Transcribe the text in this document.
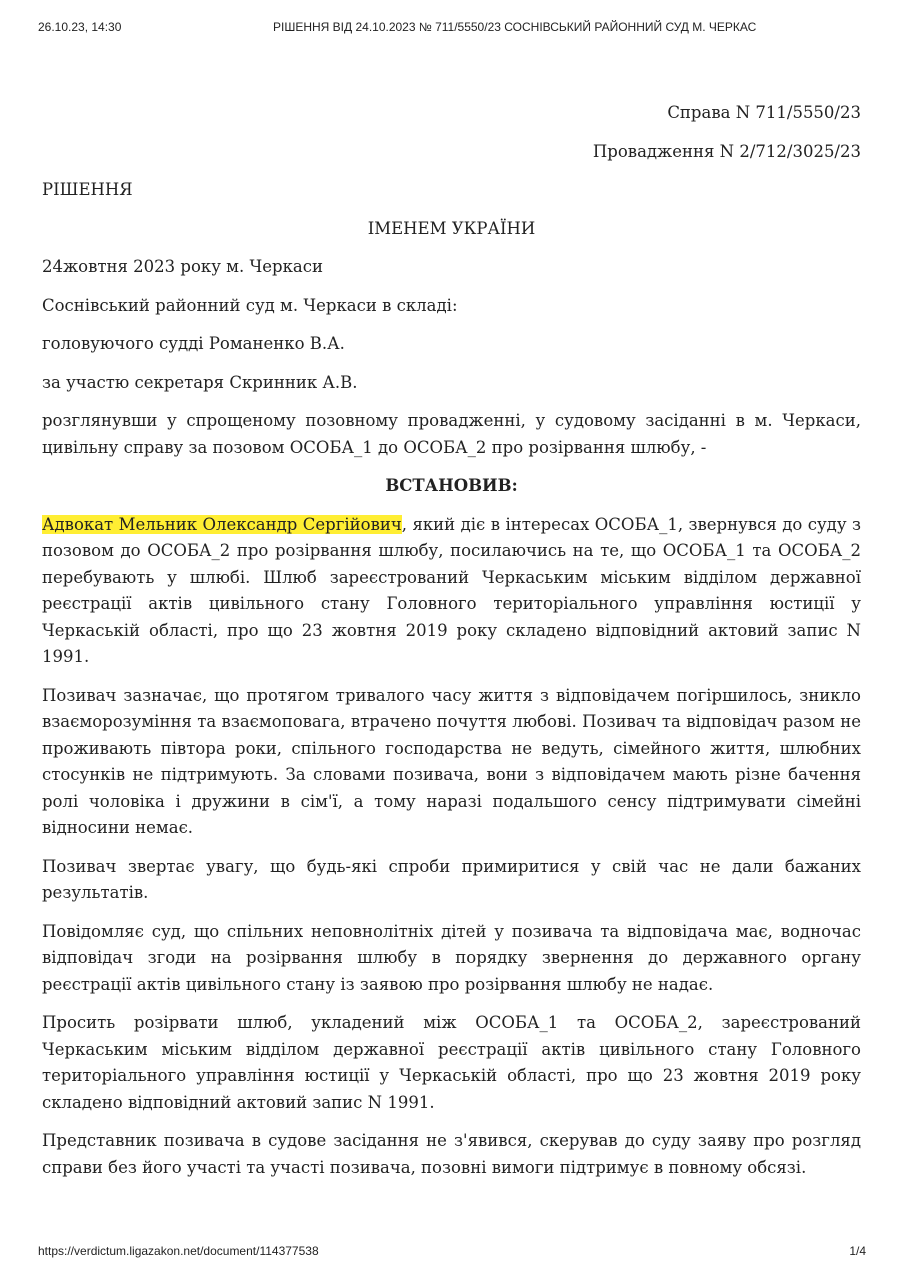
26.10.23, 14:30	РІШЕННЯ ВІД 24.10.2023 № 711/5550/23 СОСНІВСЬКИЙ РАЙОННИЙ СУД М. ЧЕРКАС

Справа N 711/5550/23

Провадження N 2/712/3025/23

РІШЕННЯ

ІМЕНЕМ УКРАЇНИ

24жовтня 2023 року м. Черкаси

Соснівський районний суд м. Черкаси в складі:

головуючого судді Романенко В.А.

за участю секретаря Скринник А.В.

розглянувши у спрощеному позовному провадженні, у судовому засіданні в м. Черкаси, цивільну справу за позовом ОСОБА_1 до ОСОБА_2 про розірвання шлюбу, -

ВСТАНОВИВ:

Адвокат Мельник Олександр Сергійович, який діє в інтересах ОСОБА_1, звернувся до суду з позовом до ОСОБА_2 про розірвання шлюбу, посилаючись на те, що ОСОБА_1 та ОСОБА_2 перебувають у шлюбі. Шлюб зареєстрований Черкаським міським відділом державної реєстрації актів цивільного стану Головного територіального управління юстиції у Черкаській області, про що 23 жовтня 2019 року складено відповідний актовий запис N 1991.

Позивач зазначає, що протягом тривалого часу життя з відповідачем погіршилось, зникло взаєморозуміння та взаємоповага, втрачено почуття любові. Позивач та відповідач разом не проживають півтора роки, спільного господарства не ведуть, сімейного життя, шлюбних стосунків не підтримують. За словами позивача, вони з відповідачем мають різне бачення ролі чоловіка і дружини в сім'ї, а тому наразі подальшого сенсу підтримувати сімейні відносини немає.

Позивач звертає увагу, що будь-які спроби примиритися у свій час не дали бажаних результатів.

Повідомляє суд, що спільних неповнолітніх дітей у позивача та відповідача має, водночас відповідач згоди на розірвання шлюбу в порядку звернення до державного органу реєстрації актів цивільного стану із заявою про розірвання шлюбу не надає.

Просить розірвати шлюб, укладений між ОСОБА_1 та ОСОБА_2, зареєстрований Черкаським міським відділом державної реєстрації актів цивільного стану Головного територіального управління юстиції у Черкаській області, про що 23 жовтня 2019 року складено відповідний актовий запис N 1991.

Представник позивача в судове засідання не з'явився, скерував до суду заяву про розгляд справи без його участі та участі позивача, позовні вимоги підтримує в повному обсязі.

https://verdictum.ligazakon.net/document/114377538	1/4
